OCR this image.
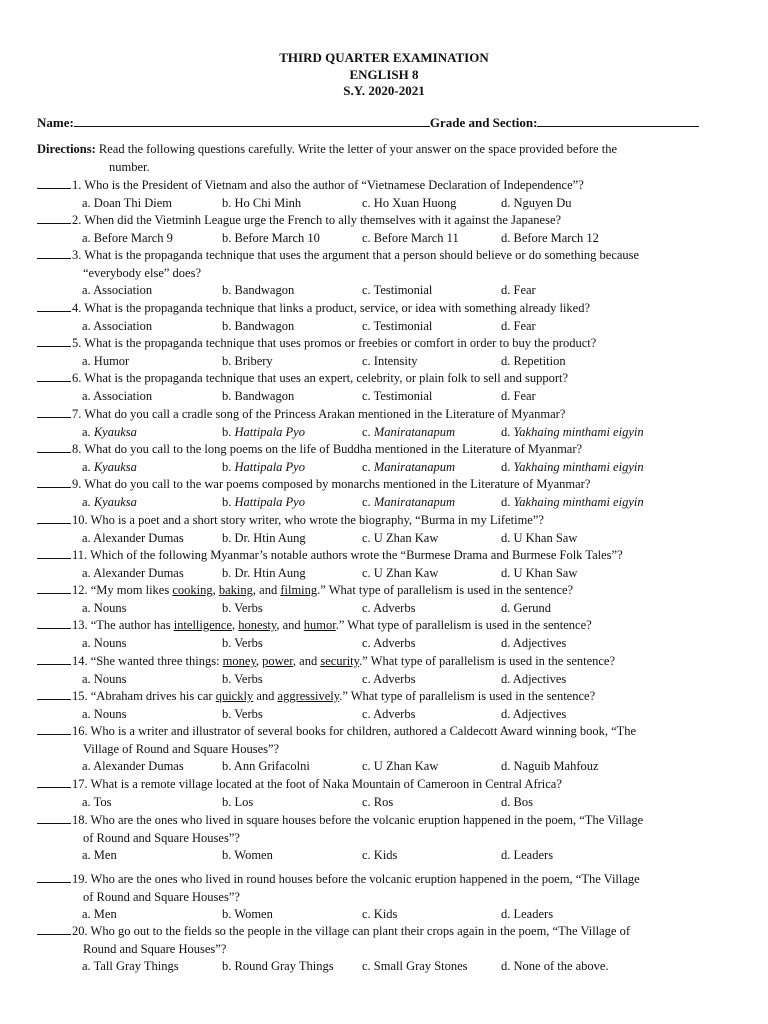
THIRD QUARTER EXAMINATION
ENGLISH 8
S.Y. 2020-2021
Name:	Grade and Section:
Directions: Read the following questions carefully. Write the letter of your answer on the space provided before the
number.
1. Who is the President of Vietnam and also the author of “Vietnamese Declaration of Independence”?
a. Doan Thi Diem	b. Ho Chi Minh	c. Ho Xuan Huong	d. Nguyen Du
2. When did the Vietminh League urge the French to ally themselves with it against the Japanese?
a. Before March 9	b. Before March 10	c. Before March 11	d. Before March 12
3. What is the propaganda technique that uses the argument that a person should believe or do something because
“everybody else” does?
a. Association	b. Bandwagon	c. Testimonial	d. Fear
4. What is the propaganda technique that links a product, service, or idea with something already liked?
a. Association	b. Bandwagon	c. Testimonial	d. Fear
5. What is the propaganda technique that uses promos or freebies or comfort in order to buy the product?
a. Humor	b. Bribery	c. Intensity	d. Repetition
6. What is the propaganda technique that uses an expert, celebrity, or plain folk to sell and support?
a. Association	b. Bandwagon	c. Testimonial	d. Fear
7. What do you call a cradle song of the Princess Arakan mentioned in the Literature of Myanmar?
a. Kyauksa	b. Hattipala Pyo	c. Maniratanapum	d. Yakhaing minthami eigyin
8. What do you call to the long poems on the life of Buddha mentioned in the Literature of Myanmar?
a. Kyauksa	b. Hattipala Pyo	c. Maniratanapum	d. Yakhaing minthami eigyin
9. What do you call to the war poems composed by monarchs mentioned in the Literature of Myanmar?
a. Kyauksa	b. Hattipala Pyo	c. Maniratanapum	d. Yakhaing minthami eigyin
10. Who is a poet and a short story writer, who wrote the biography, “Burma in my Lifetime”?
a. Alexander Dumas	b. Dr. Htin Aung	c. U Zhan Kaw	d. U Khan Saw
11. Which of the following Myanmar’s notable authors wrote the “Burmese Drama and Burmese Folk Tales”?
a. Alexander Dumas	b. Dr. Htin Aung	c. U Zhan Kaw	d. U Khan Saw
12. “My mom likes cooking, baking, and filming.” What type of parallelism is used in the sentence?
a. Nouns	b. Verbs	c. Adverbs	d. Gerund
13. “The author has intelligence, honesty, and humor.” What type of parallelism is used in the sentence?
a. Nouns	b. Verbs	c. Adverbs	d. Adjectives
14. “She wanted three things: money, power, and security.” What type of parallelism is used in the sentence?
a. Nouns	b. Verbs	c. Adverbs	d. Adjectives
15. “Abraham drives his car quickly and aggressively.” What type of parallelism is used in the sentence?
a. Nouns	b. Verbs	c. Adverbs	d. Adjectives
16. Who is a writer and illustrator of several books for children, authored a Caldecott Award winning book, “The
Village of Round and Square Houses”?
a. Alexander Dumas	b. Ann Grifacolni	c. U Zhan Kaw	d. Naguib Mahfouz
17. What is a remote village located at the foot of Naka Mountain of Cameroon in Central Africa?
a. Tos	b. Los	c. Ros	d. Bos
18. Who are the ones who lived in square houses before the volcanic eruption happened in the poem, “The Village
of Round and Square Houses”?
a. Men	b. Women	c. Kids	d. Leaders
19. Who are the ones who lived in round houses before the volcanic eruption happened in the poem, “The Village
of Round and Square Houses”?
a. Men	b. Women	c. Kids	d. Leaders
20. Who go out to the fields so the people in the village can plant their crops again in the poem, “The Village of
Round and Square Houses”?
a. Tall Gray Things	b. Round Gray Things c. Small Gray Stones	d. None of the above.
